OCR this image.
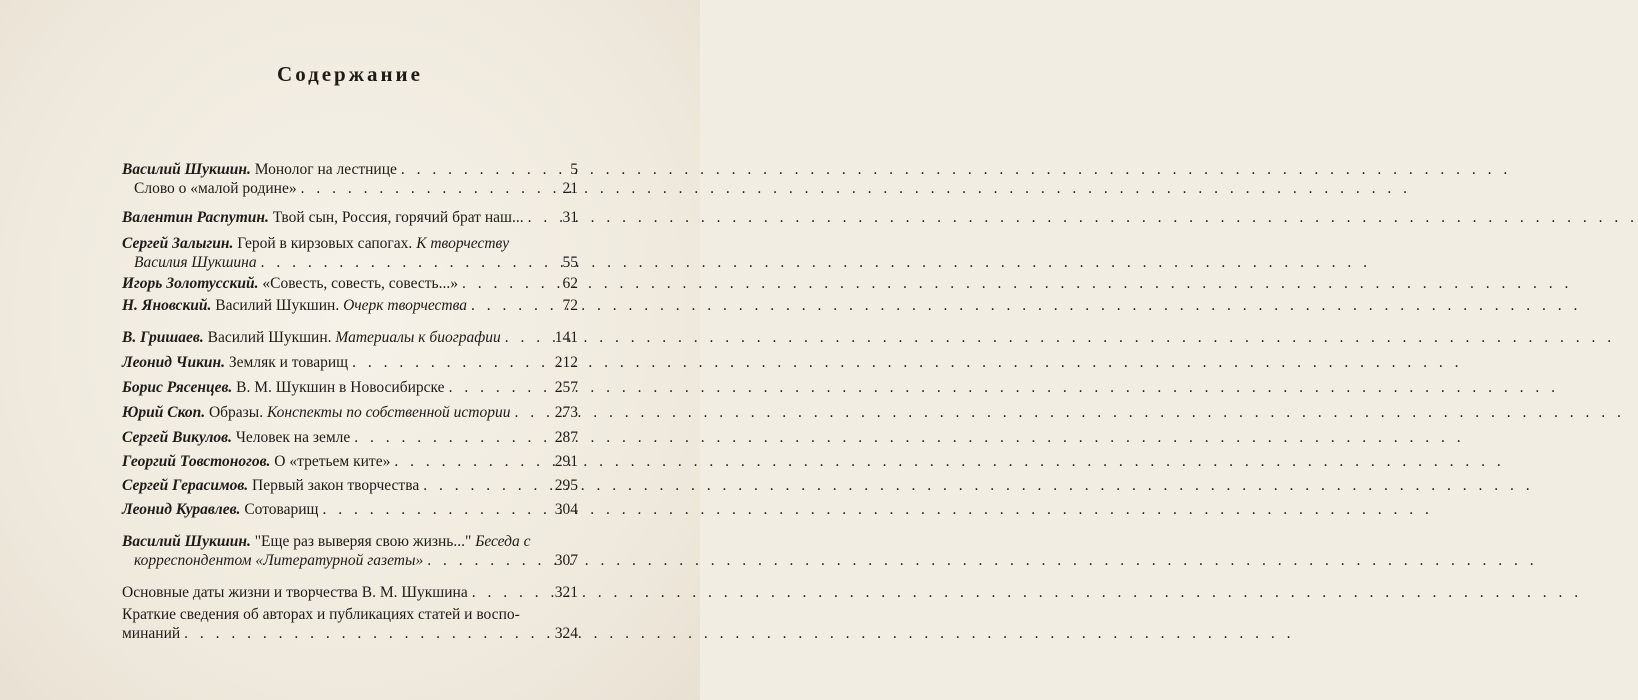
Содержание
Василий Шукшин. Монолог на лестнице . . .	5
Слово о «малой родине» . . .	21
Валентин Распутин. Твой сын, Россия, горячий брат наш... . . .	31
Сергей Залыгин. Герой в кирзовых сапогах. К творчеству
Василия Шукшина . . .	55
Игорь Золотусский. «Совесть, совесть, совесть...» . . .	62
Н. Яновский. Василий Шукшин. Очерк творчества . . .	72
В. Гришаев. Василий Шукшин. Материалы к биографии . . .	141
Леонид Чикин. Земляк и товарищ . . .	212
Борис Рясенцев. В. М. Шукшин в Новосибирске . . .	257
Юрий Скоп. Образы. Конспекты по собственной истории . . .	273
Сергей Викулов. Человек на земле . . .	287
Георгий Товстоногов. О «третьем ките» . . .	291
Сергей Герасимов. Первый закон творчества . . .	295
Леонид Куравлев. Сотоварищ . . .	304
Василий Шукшин. "Еще раз выверяя свою жизнь..." Беседа с
корреспондентом «Литературной газеты» . . .	307
Основные даты жизни и творчества В. М. Шукшина . . .	321
Краткие сведения об авторах и публикациях статей и воспо-
минаний . . .	324
